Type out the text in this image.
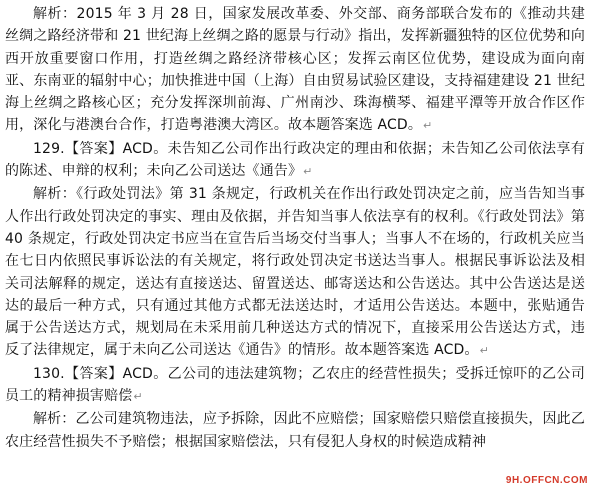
解析：2015 年 3 月 28 日，国家发展改革委、外交部、商务部联合发布的《推动共建丝绸之路经济带和 21 世纪海上丝绸之路的愿景与行动》指出，发挥新疆独特的区位优势和向西开放重要窗口作用，打造丝绸之路经济带核心区；发挥云南区位优势，建设成为面向南亚、东南亚的辐射中心；加快推进中国（上海）自由贸易试验区建设，支持福建建设 21 世纪海上丝绸之路核心区；充分发挥深圳前海、广州南沙、珠海横琴、福建平潭等开放合作区作用，深化与港澳台合作，打造粤港澳大湾区。故本题答案选 ACD。↵

129.【答案】ACD。未告知乙公司作出行政决定的理由和依据；未告知乙公司依法享有的陈述、申辩的权利；未向乙公司送达《通告》↵

解析：《行政处罚法》第 31 条规定，行政机关在作出行政处罚决定之前，应当告知当事人作出行政处罚决定的事实、理由及依据，并告知当事人依法享有的权利。《行政处罚法》第 40 条规定，行政处罚决定书应当在宣告后当场交付当事人；当事人不在场的，行政机关应当在七日内依照民事诉讼法的有关规定，将行政处罚决定书送达当事人。根据民事诉讼法及相关司法解释的规定，送达有直接送达、留置送达、邮寄送达和公告送达。其中公告送达是送达的最后一种方式，只有通过其他方式都无法送达时，才适用公告送达。本题中，张贴通告属于公告送达方式，规划局在未采用前几种送达方式的情况下，直接采用公告送达方式，违反了法律规定，属于未向乙公司送达《通告》的情形。故本题答案选 ACD。↵

130.【答案】ACD。乙公司的违法建筑物；乙农庄的经营性损失；受拆迁惊吓的乙公司员工的精神损害赔偿↵

解析：乙公司建筑物违法，应予拆除，因此不应赔偿；国家赔偿只赔偿直接损失，因此乙农庄经营性损失不予赔偿；根据国家赔偿法，只有侵犯人身权的时候造成精神

9H.OFFCN.COM
